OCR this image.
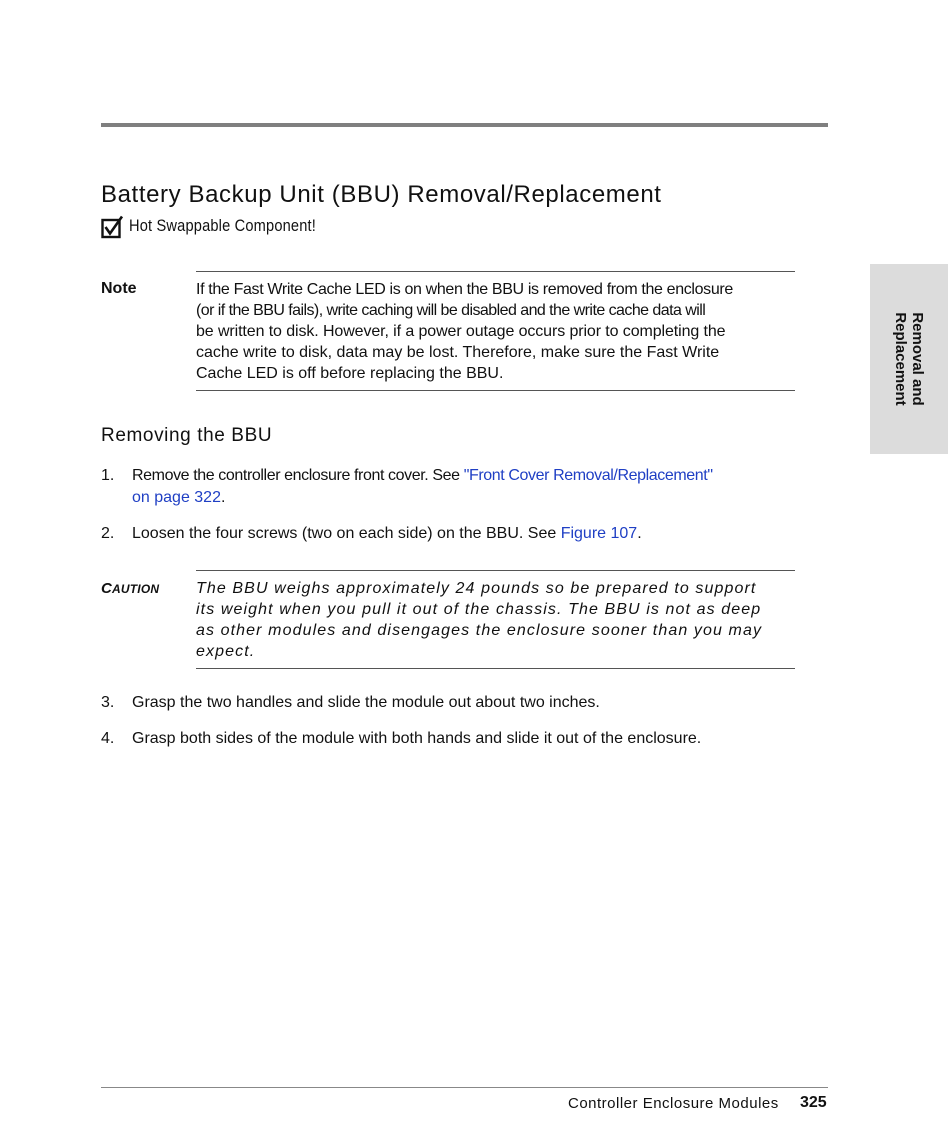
Battery Backup Unit (BBU) Removal/Replacement
Hot Swappable Component!
Note	If the Fast Write Cache LED is on when the BBU is removed from the enclosure
(or if the BBU fails), write caching will be disabled and the write cache data will
be written to disk. However, if a power outage occurs prior to completing the
cache write to disk, data may be lost. Therefore, make sure the Fast Write
Cache LED is off before replacing the BBU.
Removing the BBU
1. Remove the controller enclosure front cover. See "Front Cover Removal/Replacement"
on page 322.
2. Loosen the four screws (two on each side) on the BBU. See Figure 107.
CAUTION The BBU weighs approximately 24 pounds so be prepared to support
its weight when you pull it out of the chassis. The BBU is not as deep
as other modules and disengages the enclosure sooner than you may
expect.
3. Grasp the two handles and slide the module out about two inches.
4. Grasp both sides of the module with both hands and slide it out of the enclosure.
Removal and
Replacement
Controller Enclosure Modules 325
